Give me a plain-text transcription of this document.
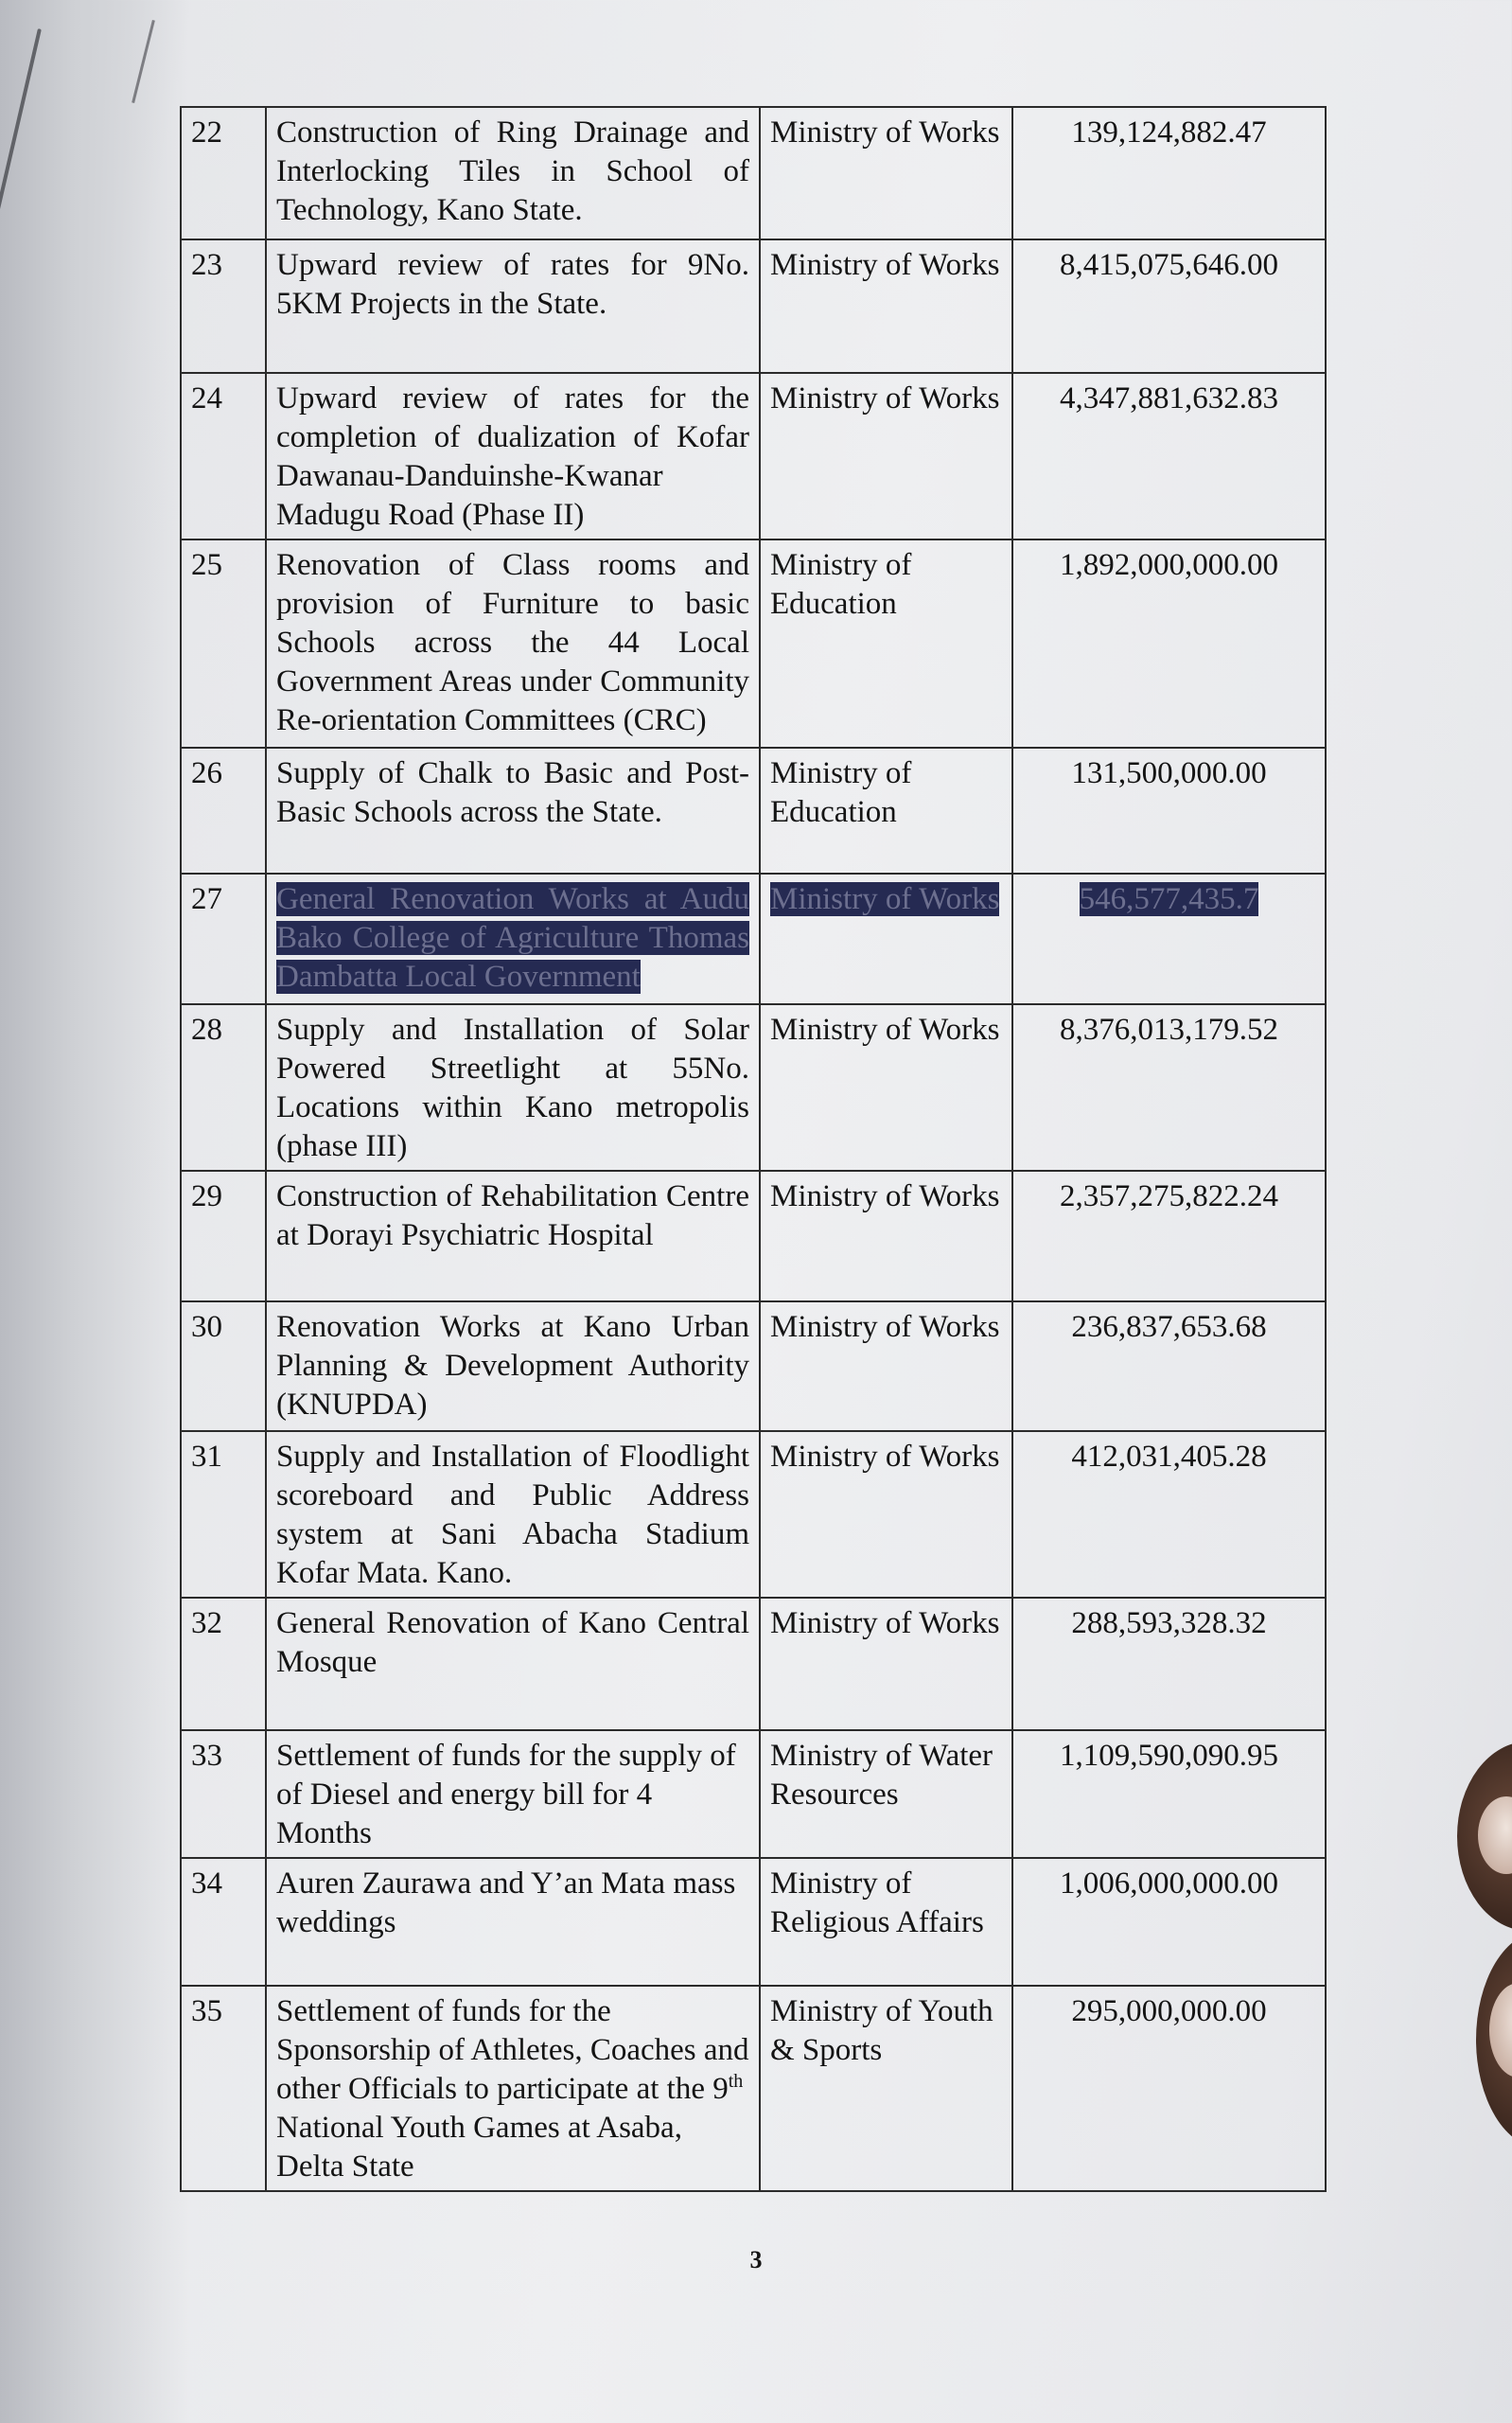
22	Construction of Ring Drainage and Interlocking Tiles in School of Technology, Kano State.	Ministry of Works	139,124,882.47
23	Upward review of rates for 9No. 5KM Projects in the State.	Ministry of Works	8,415,075,646.00
24	Upward review of rates for the completion of dualization of Kofar Dawanau-Danduinshe-Kwanar Madugu Road (Phase II)	Ministry of Works	4,347,881,632.83
25	Renovation of Class rooms and provision of Furniture to basic Schools across the 44 Local Government Areas under Community Re-orientation Committees (CRC)	Ministry of Education	1,892,000,000.00
26	Supply of Chalk to Basic and Post-Basic Schools across the State.	Ministry of Education	131,500,000.00
27	General Renovation Works at Audu Bako College of Agriculture Thomas Dambatta Local Government	Ministry of Works	546,577,435.7
28	Supply and Installation of Solar Powered Streetlight at 55No. Locations within Kano metropolis (phase III)	Ministry of Works	8,376,013,179.52
29	Construction of Rehabilitation Centre at Dorayi Psychiatric Hospital	Ministry of Works	2,357,275,822.24
30	Renovation Works at Kano Urban Planning & Development Authority (KNUPDA)	Ministry of Works	236,837,653.68
31	Supply and Installation of Floodlight scoreboard and Public Address system at Sani Abacha Stadium Kofar Mata. Kano.	Ministry of Works	412,031,405.28
32	General Renovation of Kano Central Mosque	Ministry of Works	288,593,328.32
33	Settlement of funds for the supply of of Diesel and energy bill for 4 Months	Ministry of Water Resources	1,109,590,090.95
34	Auren Zaurawa and Y’an Mata mass weddings	Ministry of Religious Affairs	1,006,000,000.00
35	Settlement of funds for the Sponsorship of Athletes, Coaches and other Officials to participate at the 9th National Youth Games at Asaba, Delta State	Ministry of Youth & Sports	295,000,000.00
3
